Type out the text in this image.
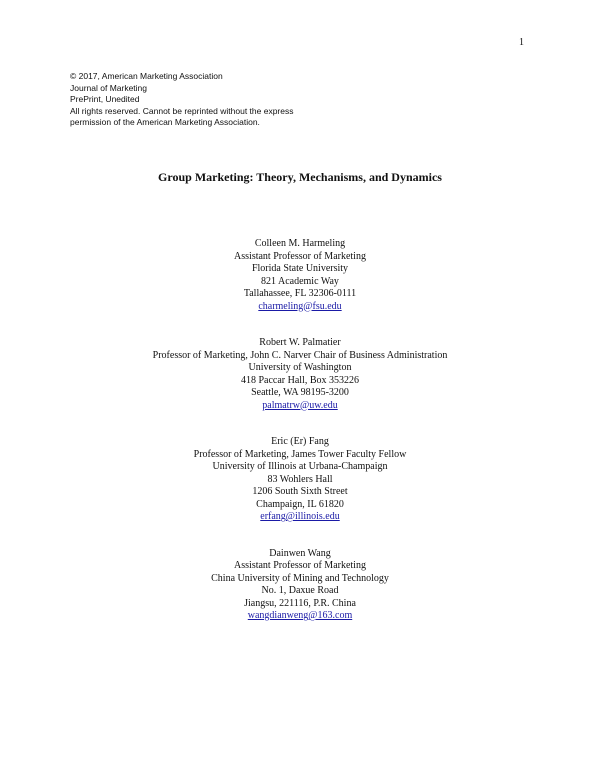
1

© 2017, American Marketing Association
Journal of Marketing
PrePrint, Unedited
All rights reserved. Cannot be reprinted without the express
permission of the American Marketing Association.
Group Marketing: Theory, Mechanisms, and Dynamics
Colleen M. Harmeling
Assistant Professor of Marketing
Florida State University
821 Academic Way
Tallahassee, FL 32306-0111
charmeling@fsu.edu
Robert W. Palmatier
Professor of Marketing, John C. Narver Chair of Business Administration
University of Washington
418 Paccar Hall, Box 353226
Seattle, WA 98195-3200
palmatrw@uw.edu
Eric (Er) Fang
Professor of Marketing, James Tower Faculty Fellow
University of Illinois at Urbana-Champaign
83 Wohlers Hall
1206 South Sixth Street
Champaign, IL 61820
erfang@illinois.edu
Dainwen Wang
Assistant Professor of Marketing
China University of Mining and Technology
No. 1, Daxue Road
Jiangsu, 221116, P.R. China
wangdianweng@163.com
